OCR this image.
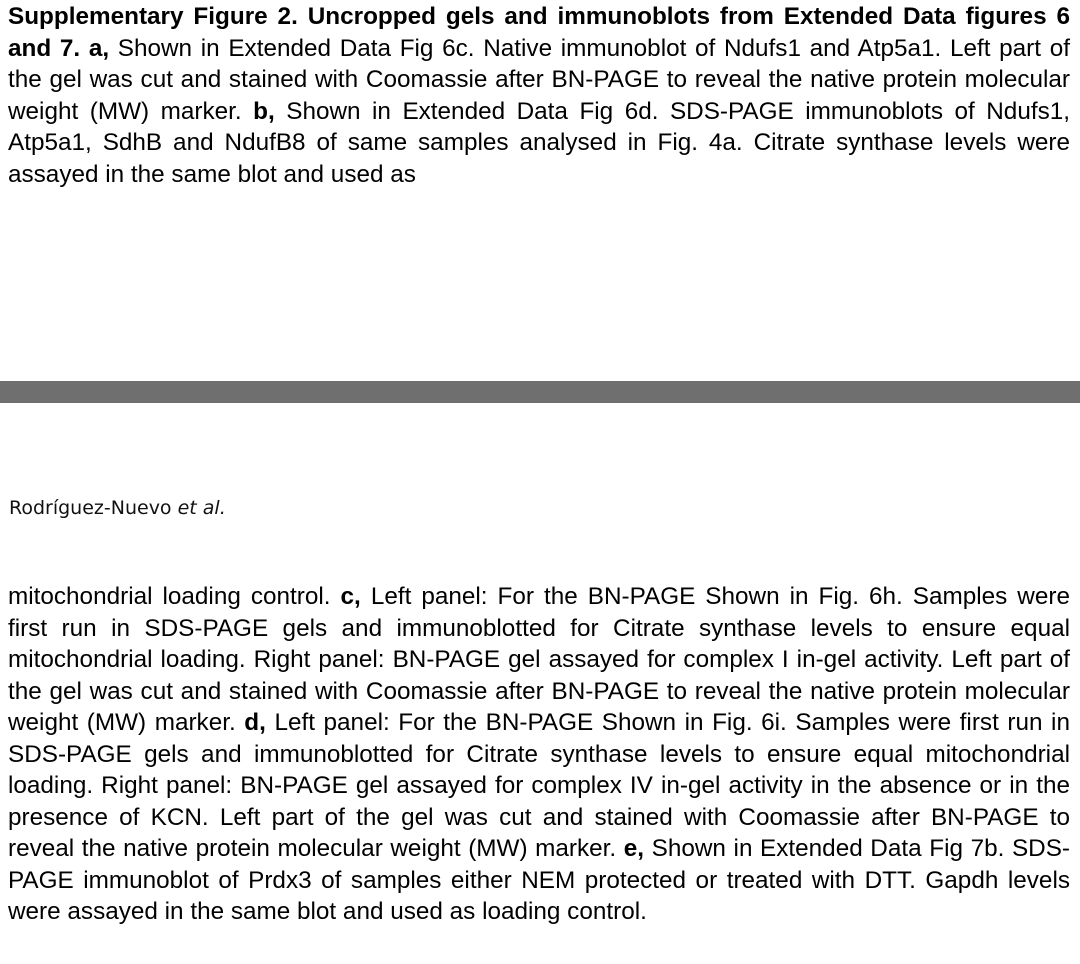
Supplementary Figure 2. Uncropped gels and immunoblots from Extended Data figures 6 and 7. a, Shown in Extended Data Fig 6c. Native immunoblot of Ndufs1 and Atp5a1. Left part of the gel was cut and stained with Coomassie after BN-PAGE to reveal the native protein molecular weight (MW) marker. b, Shown in Extended Data Fig 6d. SDS-PAGE immunoblots of Ndufs1, Atp5a1, SdhB and NdufB8 of same samples analysed in Fig. 4a. Citrate synthase levels were assayed in the same blot and used as

Rodríguez-Nuevo et al.

mitochondrial loading control. c, Left panel: For the BN-PAGE Shown in Fig. 6h. Samples were first run in SDS-PAGE gels and immunoblotted for Citrate synthase levels to ensure equal mitochondrial loading. Right panel: BN-PAGE gel assayed for complex I in-gel activity. Left part of the gel was cut and stained with Coomassie after BN-PAGE to reveal the native protein molecular weight (MW) marker. d, Left panel: For the BN-PAGE Shown in Fig. 6i. Samples were first run in SDS-PAGE gels and immunoblotted for Citrate synthase levels to ensure equal mitochondrial loading. Right panel: BN-PAGE gel assayed for complex IV in-gel activity in the absence or in the presence of KCN. Left part of the gel was cut and stained with Coomassie after BN-PAGE to reveal the native protein molecular weight (MW) marker. e, Shown in Extended Data Fig 7b. SDS-PAGE immunoblot of Prdx3 of samples either NEM protected or treated with DTT. Gapdh levels were assayed in the same blot and used as loading control.
